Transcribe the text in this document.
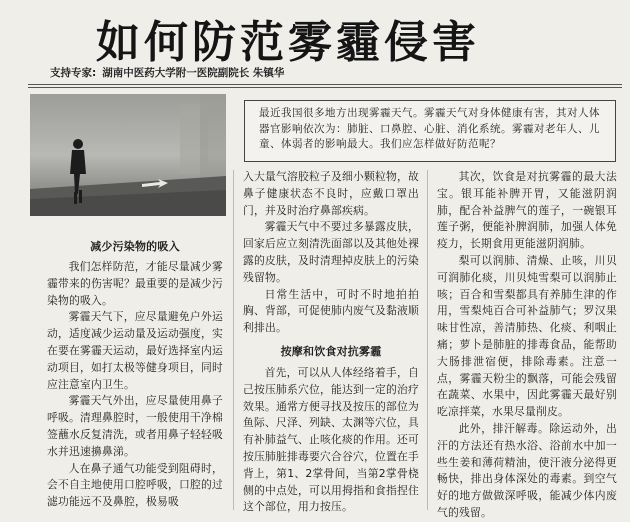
如何防范雾霾侵害
支持专家: 湖南中医药大学附一医院副院长 朱镇华
最近我国很多地方出现雾霾天气。雾霾天气对身体健康有害，其对人体器官影响依次为：肺脏、口鼻腔、心脏、消化系统。雾霾对老年人、儿童、体弱者的影响最大。我们应怎样做好防范呢？
减少污染物的吸入

我们怎样防范，才能尽量减少雾霾带来的伤害呢？最重要的是减少污染物的吸入。

雾霾天气下，应尽量避免户外运动，适度减少运动量及运动强度，实在要在雾霾天运动，最好选择室内运动项目，如打太极等健身项目，同时应注意室内卫生。

雾霾天气外出，应尽量使用鼻子呼吸。清理鼻腔时，一般使用干净棉签蘸水反复清洗，或者用鼻子轻轻吸水并迅速擤鼻涕。

人在鼻子通气功能受到阻碍时，会不自主地使用口腔呼吸，口腔的过滤功能远不及鼻腔，极易吸

入大量气溶胶粒子及细小颗粒物，故鼻子健康状态不良时，应戴口罩出门，并及时治疗鼻部疾病。

雾霾天气中不要过多暴露皮肤，回家后应立刻清洗面部以及其他处裸露的皮肤，及时清理掉皮肤上的污染残留物。

日常生活中，可时不时地拍拍胸、背部，可促使肺内废气及黏液顺利排出。

按摩和饮食对抗雾霾

首先，可以从人体经络着手，自己按压肺系穴位，能达到一定的治疗效果。通常方便寻找及按压的部位为鱼际、尺泽、列缺、太渊等穴位，具有补肺益气、止咳化痰的作用。还可按压肺脏排毒要穴合谷穴，位置在手背上，第1、2掌骨间，当第2掌骨桡侧的中点处，可以用拇指和食指捏住这个部位，用力按压。

其次，饮食是对抗雾霾的最大法宝。银耳能补脾开胃，又能滋阴润肺，配合补益脾气的莲子，一碗银耳莲子粥，便能补脾润肺，加强人体免疫力，长期食用更能滋阴润肺。

梨可以润肺、清燥、止咳，川贝可润肺化痰，川贝炖雪梨可以润肺止咳；百合和雪梨都具有养肺生津的作用，雪梨炖百合可补益肺气；罗汉果味甘性凉，善清肺热、化痰、利咽止痛；萝卜是肺脏的排毒食品，能帮助大肠排泄宿便，排除毒素。注意一点，雾霾天粉尘的飘落，可能会残留在蔬菜、水果中，因此雾霾天最好别吃凉拌菜，水果尽量削皮。

此外，排汗解毒。除运动外，出汗的方法还有热水浴、浴前水中加一些生姜和薄荷精油，使汗液分泌得更畅快，排出身体深处的毒素。到空气好的地方做做深呼吸，能减少体内废气的残留。
